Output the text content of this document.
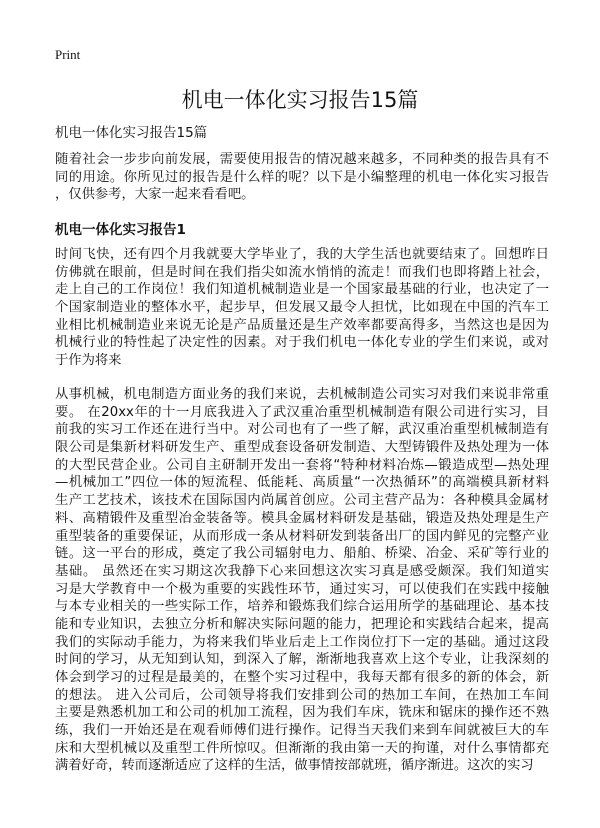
Print
机电一体化实习报告15篇
机电一体化实习报告15篇
随着社会一步步向前发展，需要使用报告的情况越来越多，不同种类的报告具有不
同的用途。你所见过的报告是什么样的呢？以下是小编整理的机电一体化实习报告
，仅供参考，大家一起来看看吧。
机电一体化实习报告1
时间飞快，还有四个月我就要大学毕业了，我的大学生活也就要结束了。回想昨日
仿佛就在眼前，但是时间在我们指尖如流水悄悄的流走！而我们也即将踏上社会，
走上自己的工作岗位！我们知道机械制造业是一个国家最基础的行业，也决定了一
个国家制造业的整体水平，起步早，但发展又最令人担忧，比如现在中国的汽车工
业相比机械制造业来说无论是产品质量还是生产效率都要高得多，当然这也是因为
机械行业的特性起了决定性的因素。对于我们机电一体化专业的学生们来说，或对
于作为将来
从事机械，机电制造方面业务的我们来说，去机械制造公司实习对我们来说非常重
要。 在20xx年的十一月底我进入了武汉重冶重型机械制造有限公司进行实习，目
前我的实习工作还在进行当中。对公司也有了一些了解，武汉重冶重型机械制造有
限公司是集新材料研发生产、重型成套设备研发制造、大型铸锻件及热处理为一体
的大型民营企业。公司自主研制开发出一套将“特种材料冶炼—锻造成型—热处理
—机械加工”四位一体的短流程、低能耗、高质量“一次热循环”的高端模具新材料
生产工艺技术，该技术在国际国内尚属首创应。公司主营产品为：各种模具金属材
料、高精锻件及重型冶金装备等。模具金属材料研发是基础，锻造及热处理是生产
重型装备的重要保证，从而形成一条从材料研发到装备出厂的国内鲜见的完整产业
链。这一平台的形成，奠定了我公司辐射电力、船舶、桥梁、冶金、采矿等行业的
基础。 虽然还在实习期这次我静下心来回想这次实习真是感受颇深。我们知道实
习是大学教育中一个极为重要的实践性环节，通过实习，可以使我们在实践中接触
与本专业相关的一些实际工作，培养和锻炼我们综合运用所学的基础理论、基本技
能和专业知识，去独立分析和解决实际问题的能力，把理论和实践结合起来，提高
我们的实际动手能力，为将来我们毕业后走上工作岗位打下一定的基础。通过这段
时间的学习，从无知到认知，到深入了解，渐渐地我喜欢上这个专业，让我深刻的
体会到学习的过程是最美的，在整个实习过程中，我每天都有很多的新的体会，新
的想法。 进入公司后，公司领导将我们安排到公司的热加工车间，在热加工车间
主要是熟悉机加工和公司的机加工流程，因为我们车床，铣床和锯床的操作还不熟
练，我们一开始还是在观看师傅们进行操作。记得当天我们来到车间就被巨大的车
床和大型机械以及重型工件所惊叹。但渐渐的我由第一天的拘谨，对什么事情都充
满着好奇，转而逐渐适应了这样的生活，做事情按部就班，循序渐进。这次的实习
